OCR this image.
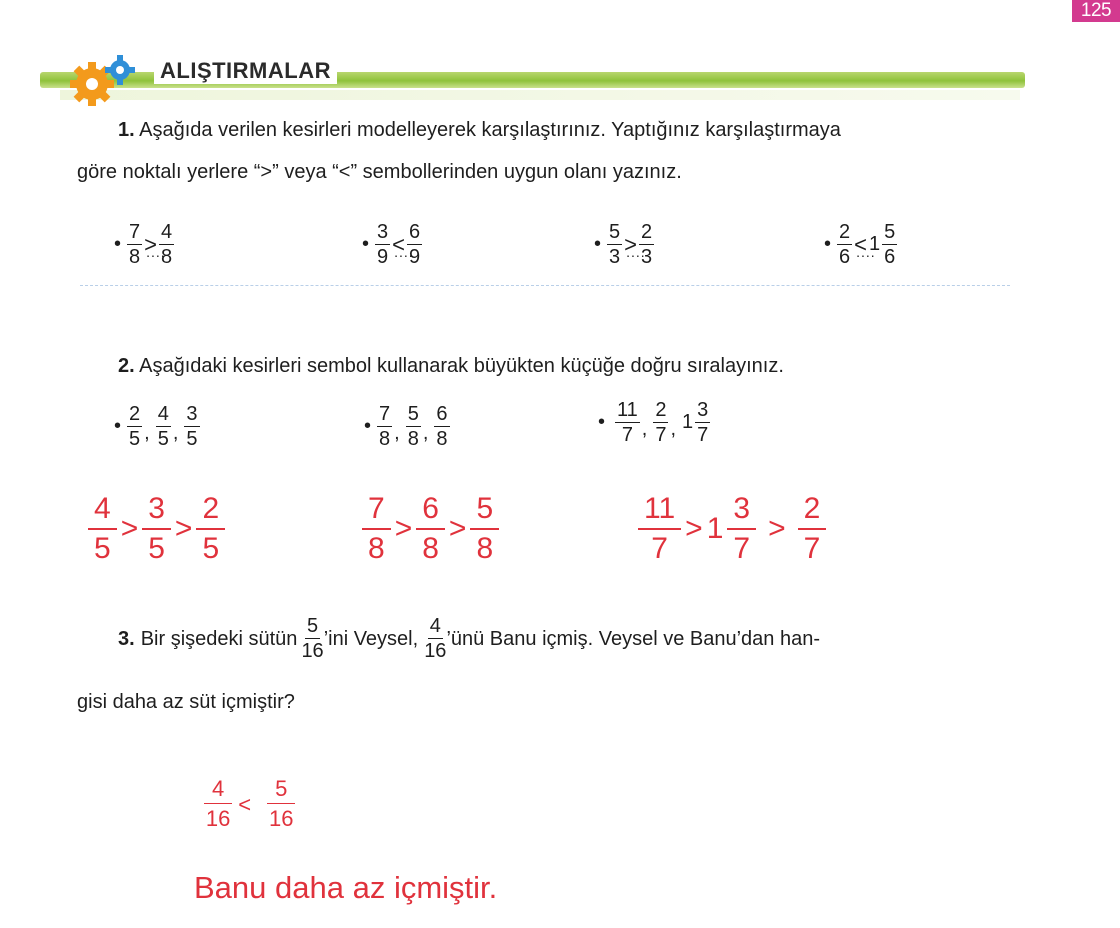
125
ALIŞTIRMALAR
1. Aşağıda verilen kesirleri modelleyerek karşılaştırınız. Yaptığınız karşılaştırmaya
göre noktalı yerlere “>” veya “<” sembollerinden uygun olanı yazınız.
• $\frac{7}{8}$ > .... $\frac{4}{8}$	• $\frac{3}{9}$ < .... $\frac{6}{9}$	• $\frac{5}{3}$ > .... $\frac{2}{3}$	• $\frac{2}{6}$ < .... $1 \frac{5}{6}$
2. Aşağıdaki kesirleri sembol kullanarak büyükten küçüğe doğru sıralayınız.
• $\frac{2}{5}$ , $\frac{4}{5}$ , $\frac{3}{5}$	• $\frac{7}{8}$ , $\frac{5}{8}$ , $\frac{6}{8}$	• $\frac{11}{7}$ , $\frac{2}{7}$ , $1 \frac{3}{7}$
$\frac{4}{5} > \frac{3}{5} > \frac{2}{5}$	$\frac{7}{8} > \frac{6}{8} > \frac{5}{8}$	$\frac{11}{7} > 1 \frac{3}{7} > \frac{2}{7}$
3. Bir şişedeki sütün $\frac{5}{16}$ ’ini Veysel, $\frac{4}{16}$ ’ünü Banu içmiş. Veysel ve Banu’dan han-
gisi daha az süt içmiştir?
$\frac{4}{16} < \frac{5}{16}$
Banu daha az içmiştir.
